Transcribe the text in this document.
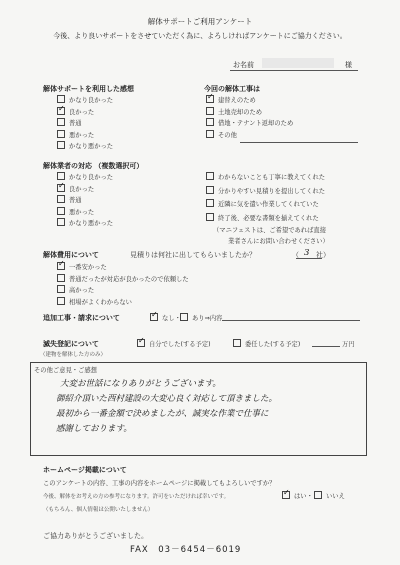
解体サポートご利用アンケート
今後、より良いサポートをさせていただく為に、よろしければアンケートにご協力ください。
お名前	様
解体サポートを利用した感想
かなり良かった
✓良かった
普通
悪かった
かなり悪かった
今回の解体工事は
✓建替えのため
土地売却のため
借地・テナント返却のため
その他
解体業者の対応 （複数選択可）
かなり良かった
✓良かった
普通
悪かった
かなり悪かった
わからないことも丁寧に教えてくれた
分かりやすい見積りを提出してくれた
近隣に気を遣い作業してくれていた
終了後、必要な書類を揃えてくれた
（マニフェストは、ご希望であれば直接
業者さんにお問い合わせください）
解体費用について	見積りは何社に出してもらいましたか？	（ 3 社）
✓一番安かった
普通だったが対応が良かったので依頼した
高かった
相場がよくわからない
追加工事・請求について
✓	なし・	あり⇒内容
滅失登記について
（建物を解体した方のみ）
✓自分でした(する予定)	委任した(する予定)	万円
その他ご意見・ご感想
大変お世話になりありがとうございます。
御紹介頂いた西村建設の大変心良く対応して頂きました。
最初から一番金額で決めましたが、誠実な作業で仕事に
感謝しております。
ホームページ掲載について
このアンケートの内容、工事の内容をホームページに掲載してもよろしいですか？
今後、解体をお考えの方の参考になります。許可をいただければ幸いです。
（もちろん、個人情報は公開いたしません）
✓はい・	いいえ
ご協力ありがとうございました。
FAX　03－6454－6019
